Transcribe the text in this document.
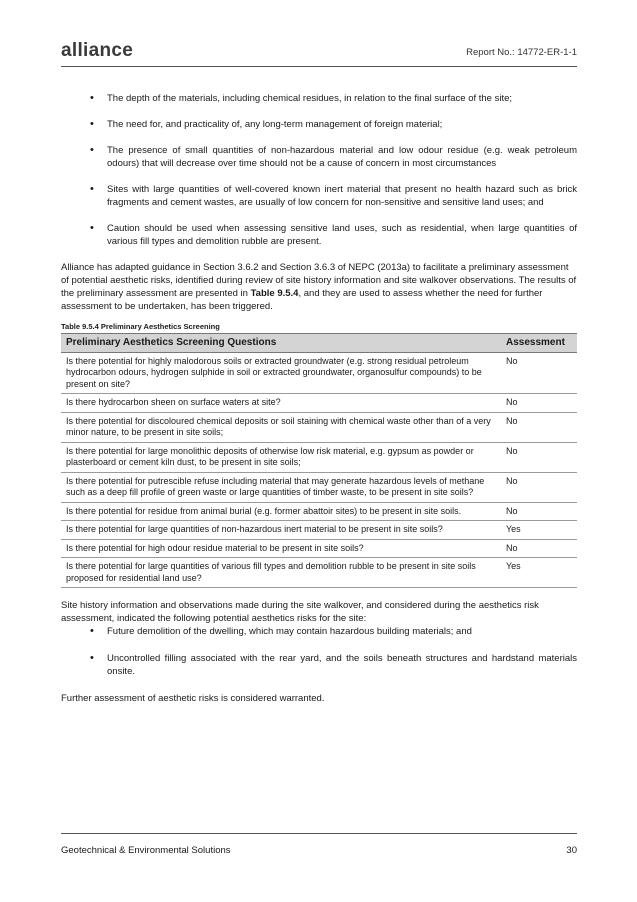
alliance	Report No.: 14772-ER-1-1
• The depth of the materials, including chemical residues, in relation to the final surface of the site;
• The need for, and practicality of, any long-term management of foreign material;
• The presence of small quantities of non-hazardous material and low odour residue (e.g. weak petroleum odours) that will decrease over time should not be a cause of concern in most circumstances
• Sites with large quantities of well-covered known inert material that present no health hazard such as brick fragments and cement wastes, are usually of low concern for non-sensitive and sensitive land uses; and
• Caution should be used when assessing sensitive land uses, such as residential, when large quantities of various fill types and demolition rubble are present.

Alliance has adapted guidance in Section 3.6.2 and Section 3.6.3 of NEPC (2013a) to facilitate a preliminary assessment of potential aesthetic risks, identified during review of site history information and site walkover observations. The results of the preliminary assessment are presented in Table 9.5.4, and they are used to assess whether the need for further assessment to be undertaken, has been triggered.

Table 9.5.4 Preliminary Aesthetics Screening
Preliminary Aesthetics Screening Questions	Assessment
Is there potential for highly malodorous soils or extracted groundwater (e.g. strong residual petroleum hydrocarbon odours, hydrogen sulphide in soil or extracted groundwater, organosulfur compounds) to be present on site?	No
Is there hydrocarbon sheen on surface waters at site?	No
Is there potential for discoloured chemical deposits or soil staining with chemical waste other than of a very minor nature, to be present in site soils;	No
Is there potential for large monolithic deposits of otherwise low risk material, e.g. gypsum as powder or plasterboard or cement kiln dust, to be present in site soils;	No
Is there potential for putrescible refuse including material that may generate hazardous levels of methane such as a deep fill profile of green waste or large quantities of timber waste, to be present in site soils?	No
Is there potential for residue from animal burial (e.g. former abattoir sites) to be present in site soils.	No
Is there potential for large quantities of non-hazardous inert material to be present in site soils?	Yes
Is there potential for high odour residue material to be present in site soils?	No
Is there potential for large quantities of various fill types and demolition rubble to be present in site soils proposed for residential land use?	Yes

Site history information and observations made during the site walkover, and considered during the aesthetics risk assessment, indicated the following potential aesthetics risks for the site:

• Future demolition of the dwelling, which may contain hazardous building materials; and
• Uncontrolled filling associated with the rear yard, and the soils beneath structures and hardstand materials onsite.

Further assessment of aesthetic risks is considered warranted.

Geotechnical & Environmental Solutions	30
